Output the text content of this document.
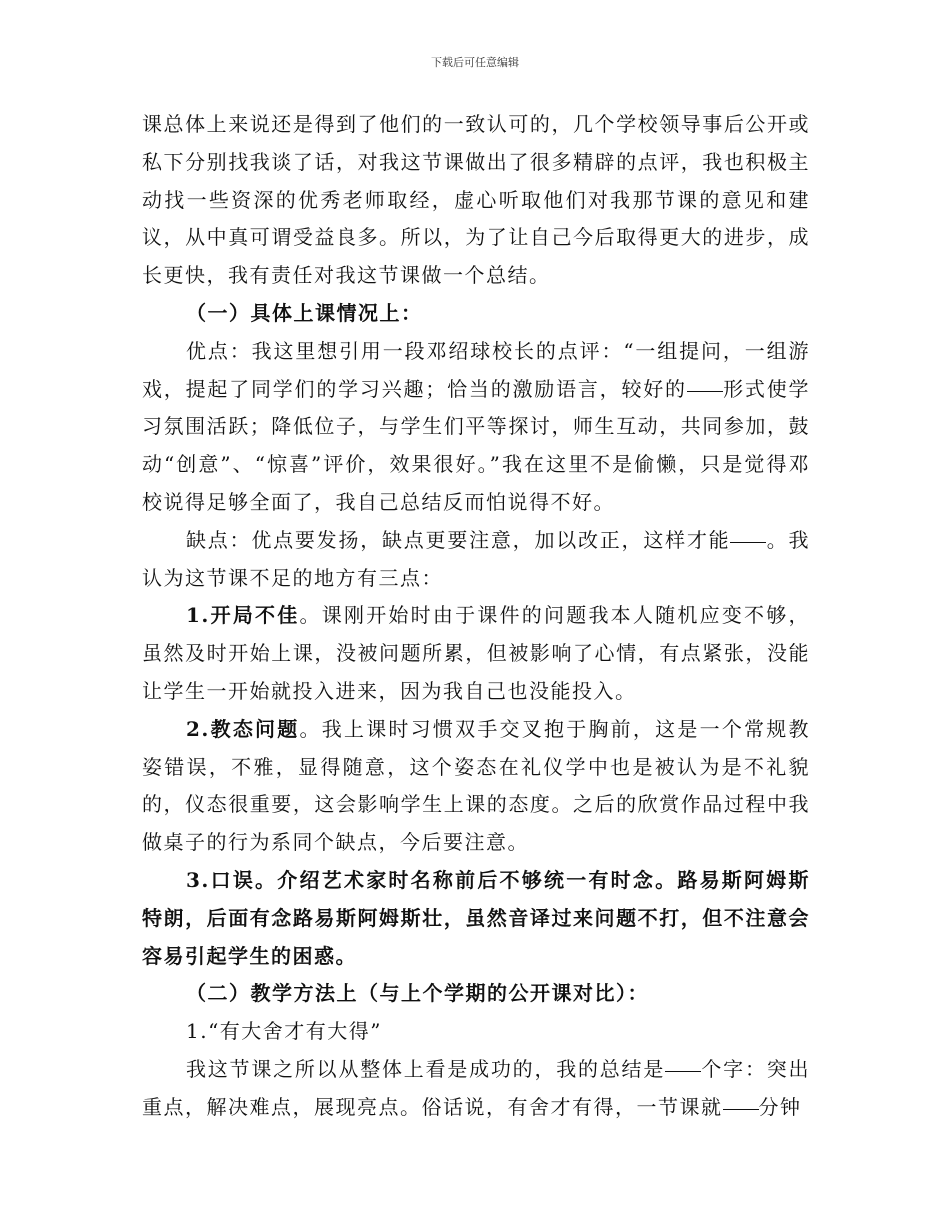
下载后可任意编辑

课总体上来说还是得到了他们的一致认可的，几个学校领导事后公开或私下分别找我谈了话，对我这节课做出了很多精辟的点评，我也积极主动找一些资深的优秀老师取经，虚心听取他们对我那节课的意见和建议，从中真可谓受益良多。所以，为了让自己今后取得更大的进步，成长更快，我有责任对我这节课做一个总结。

（一）具体上课情况上：

优点：我这里想引用一段邓绍球校长的点评：“一组提问，一组游戏，提起了同学们的学习兴趣；恰当的激励语言，较好的 形式使学习氛围活跃；降低位子，与学生们平等探讨，师生互动，共同参加，鼓动“创意”、“惊喜”评价，效果很好。”我在这里不是偷懒，只是觉得邓校说得足够全面了，我自己总结反而怕说得不好。

缺点：优点要发扬，缺点更要注意，加以改正，这样才能 。我认为这节课不足的地方有三点：

1.开局不佳。课刚开始时由于课件的问题我本人随机应变不够，虽然及时开始上课，没被问题所累，但被影响了心情，有点紧张，没能让学生一开始就投入进来，因为我自己也没能投入。

2.教态问题。我上课时习惯双手交叉抱于胸前，这是一个常规教姿错误，不雅，显得随意，这个姿态在礼仪学中也是被认为是不礼貌的，仪态很重要，这会影响学生上课的态度。之后的欣赏作品过程中我做桌子的行为系同个缺点，今后要注意。

3.口误。介绍艺术家时名称前后不够统一有时念。路易斯阿姆斯特朗，后面有念路易斯阿姆斯壮，虽然音译过来问题不打，但不注意会容易引起学生的困惑。

（二）教学方法上（与上个学期的公开课对比）：

1.“有大舍才有大得”

我这节课之所以从整体上看是成功的，我的总结是 个字：突出重点，解决难点，展现亮点。俗话说，有舍才有得，一节课就 分钟
